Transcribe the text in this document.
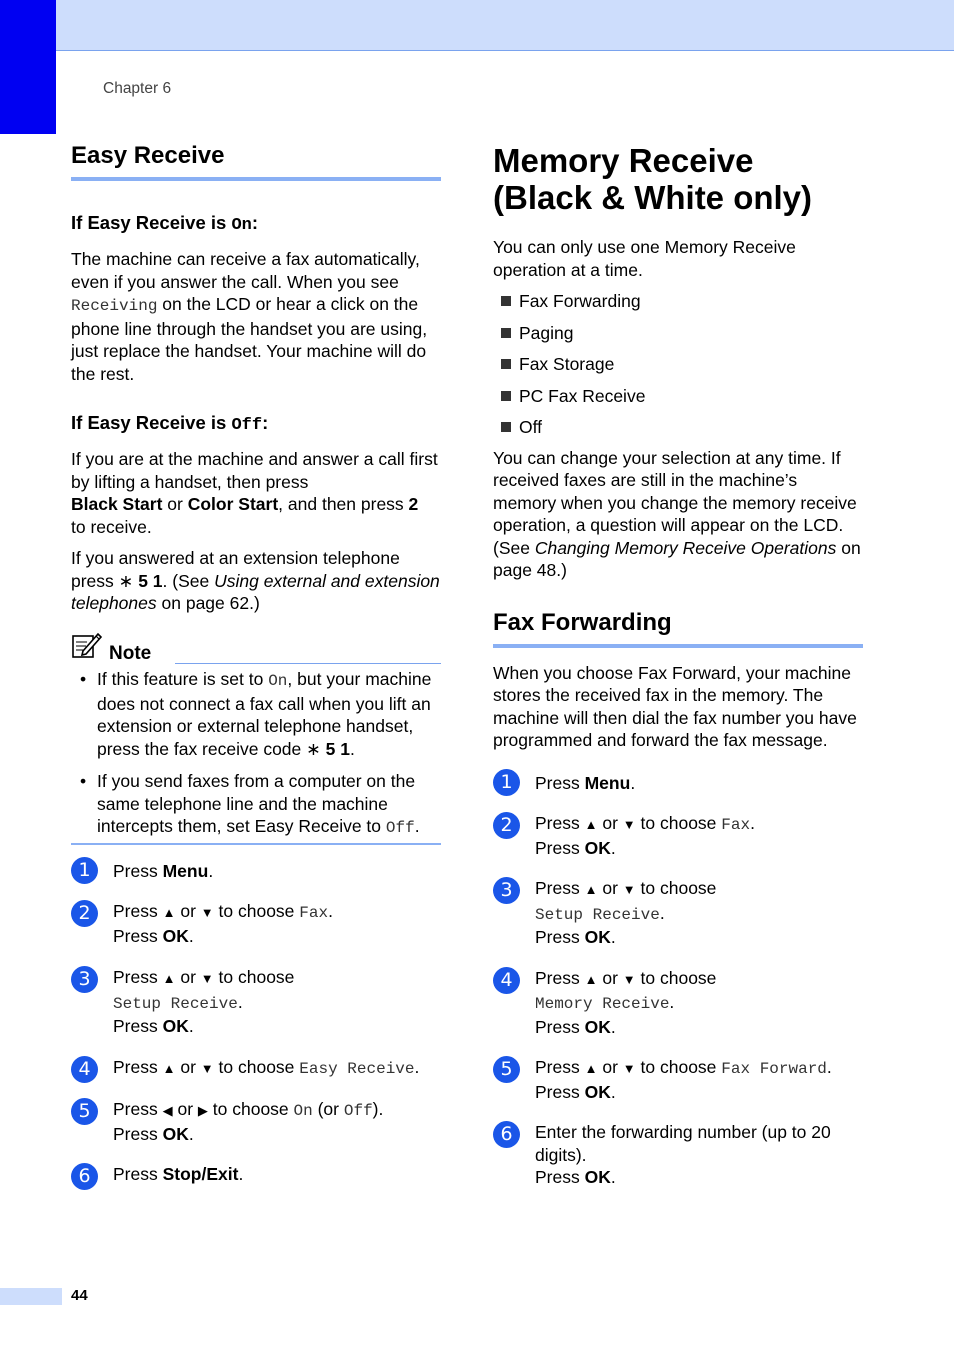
Chapter 6
Easy Receive
If Easy Receive is On:

The machine can receive a fax automatically, even if you answer the call. When you see Receiving on the LCD or hear a click on the phone line through the handset you are using, just replace the handset. Your machine will do the rest.

If Easy Receive is Off:

If you are at the machine and answer a call first by lifting a handset, then press
Black Start or Color Start, and then press 2
to receive.

If you answered at an extension telephone press ∗ 5 1. (See Using external and extension telephones on page 62.)

Note
• If this feature is set to On, but your machine does not connect a fax call when you lift an extension or external telephone handset, press the fax receive code ∗ 5 1.
• If you send faxes from a computer on the same telephone line and the machine intercepts them, set Easy Receive to Off.
1	Press Menu.
2	Press ▲ or ▼ to choose Fax.
Press OK.
3	Press ▲ or ▼ to choose
Setup Receive.
Press OK.
4	Press ▲ or ▼ to choose Easy Receive.
5	Press ◀ or ▶ to choose On (or Off).
Press OK.
6	Press Stop/Exit.
Memory Receive
(Black & White only)

You can only use one Memory Receive operation at a time.

Fax Forwarding
Paging
Fax Storage
PC Fax Receive
Off

You can change your selection at any time. If received faxes are still in the machine’s memory when you change the memory receive operation, a question will appear on the LCD. (See Changing Memory Receive Operations on page 48.)

Fax Forwarding

When you choose Fax Forward, your machine stores the received fax in the memory. The machine will then dial the fax number you have programmed and forward the fax message.

1	Press Menu.
2	Press ▲ or ▼ to choose Fax.
Press OK.
3	Press ▲ or ▼ to choose
Setup Receive.
Press OK.
4	Press ▲ or ▼ to choose
Memory Receive.
Press OK.
5	Press ▲ or ▼ to choose Fax Forward.
Press OK.
6	Enter the forwarding number (up to 20 digits).
Press OK.
44
